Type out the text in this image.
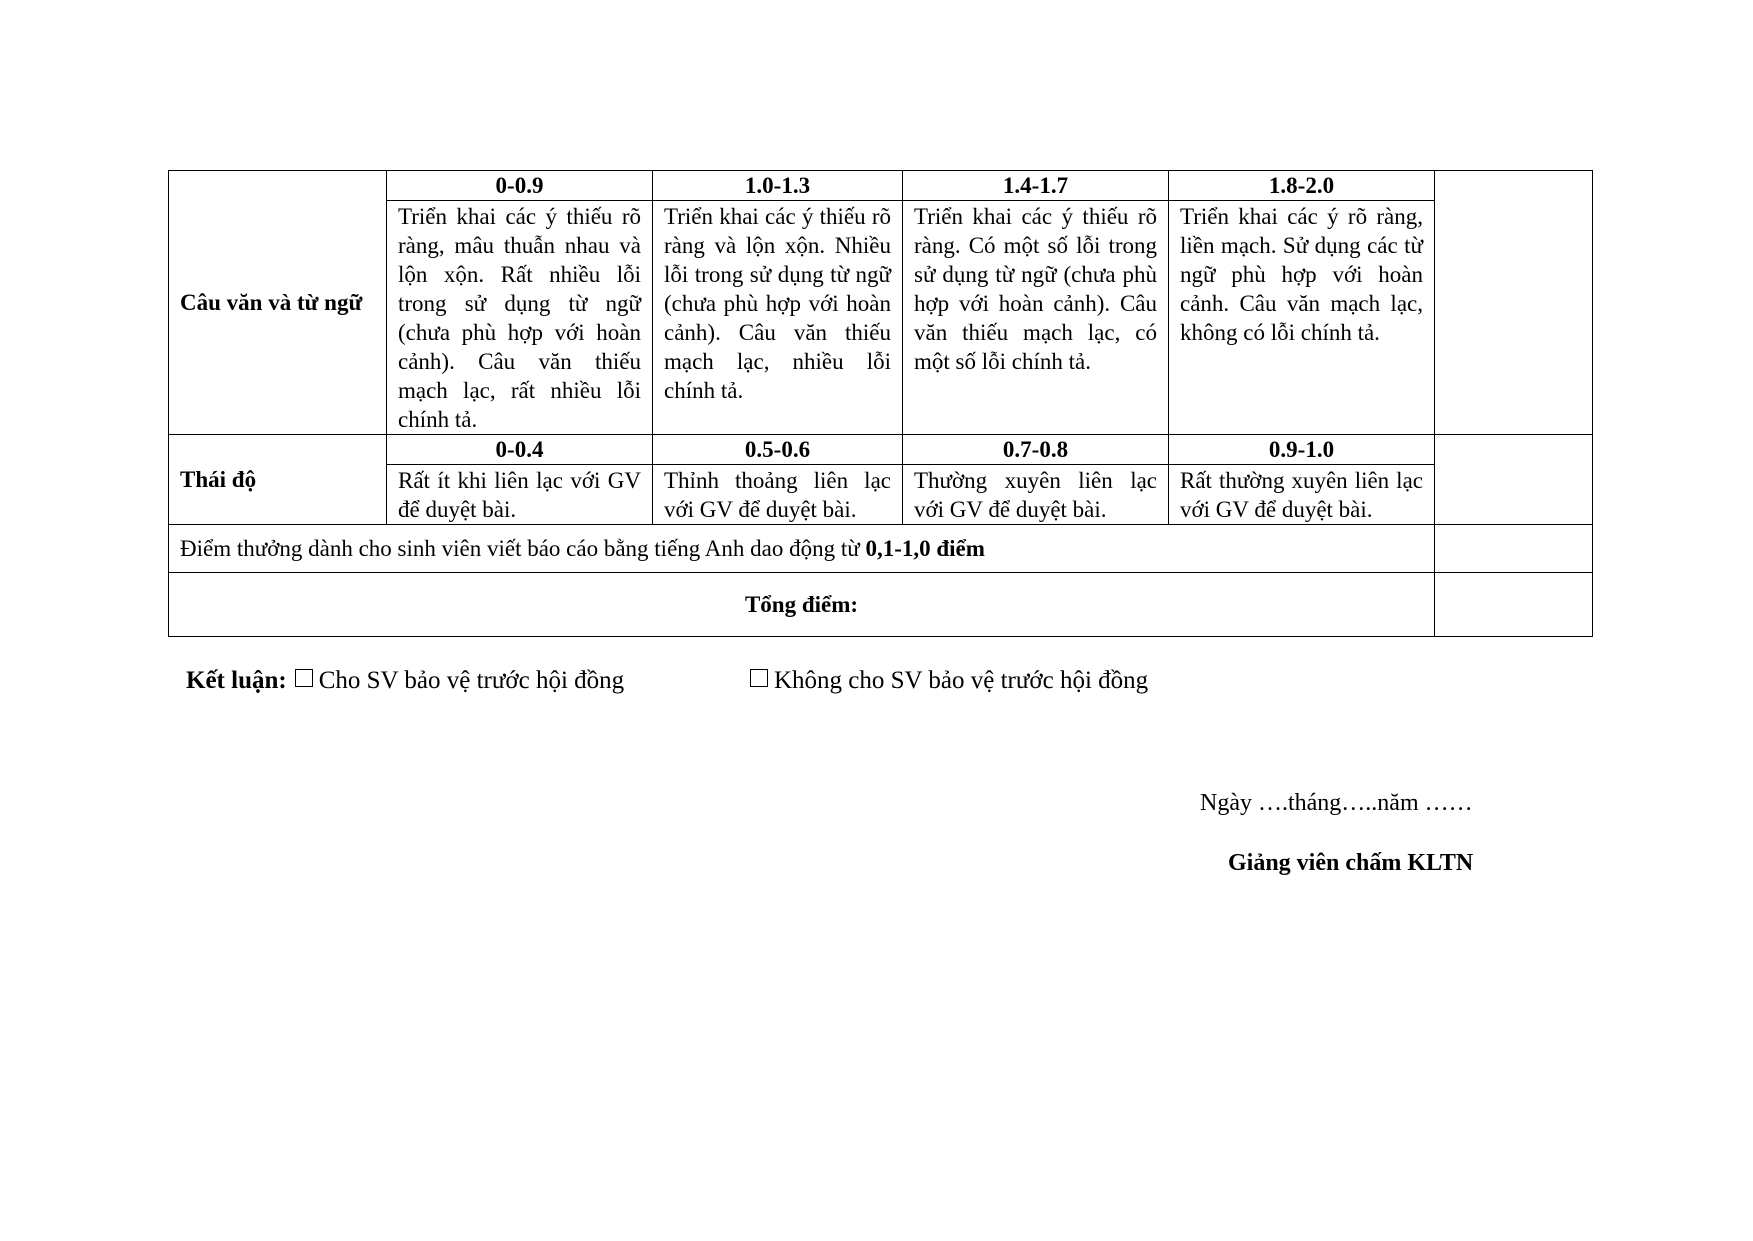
Câu văn và từ ngữ	0-0.9	1.0-1.3	1.4-1.7	1.8-2.0	
	Triển khai các ý thiếu rõ ràng, mâu thuẫn nhau và lộn xộn. Rất nhiều lỗi trong sử dụng từ ngữ (chưa phù hợp với hoàn cảnh). Câu văn thiếu mạch lạc, rất nhiều lỗi chính tả.	Triển khai các ý thiếu rõ ràng và lộn xộn. Nhiều lỗi trong sử dụng từ ngữ (chưa phù hợp với hoàn cảnh). Câu văn thiếu mạch lạc, nhiều lỗi chính tả.	Triển khai các ý thiếu rõ ràng. Có một số lỗi trong sử dụng từ ngữ (chưa phù hợp với hoàn cảnh). Câu văn thiếu mạch lạc, có một số lỗi chính tả.	Triển khai các ý rõ ràng, liền mạch. Sử dụng các từ ngữ phù hợp với hoàn cảnh. Câu văn mạch lạc, không có lỗi chính tả.	
Thái độ	0-0.4	0.5-0.6	0.7-0.8	0.9-1.0	
	Rất ít khi liên lạc với GV để duyệt bài.	Thỉnh thoảng liên lạc với GV để duyệt bài.	Thường xuyên liên lạc với GV để duyệt bài.	Rất thường xuyên liên lạc với GV để duyệt bài.	
Điểm thưởng dành cho sinh viên viết báo cáo bằng tiếng Anh dao động từ 0,1-1,0 điểm					
Tổng điểm:					
Kết luận: Cho SV bảo vệ trước hội đồng	Không cho SV bảo vệ trước hội đồng
Ngày ….tháng…..năm ……
Giảng viên chấm KLTN
